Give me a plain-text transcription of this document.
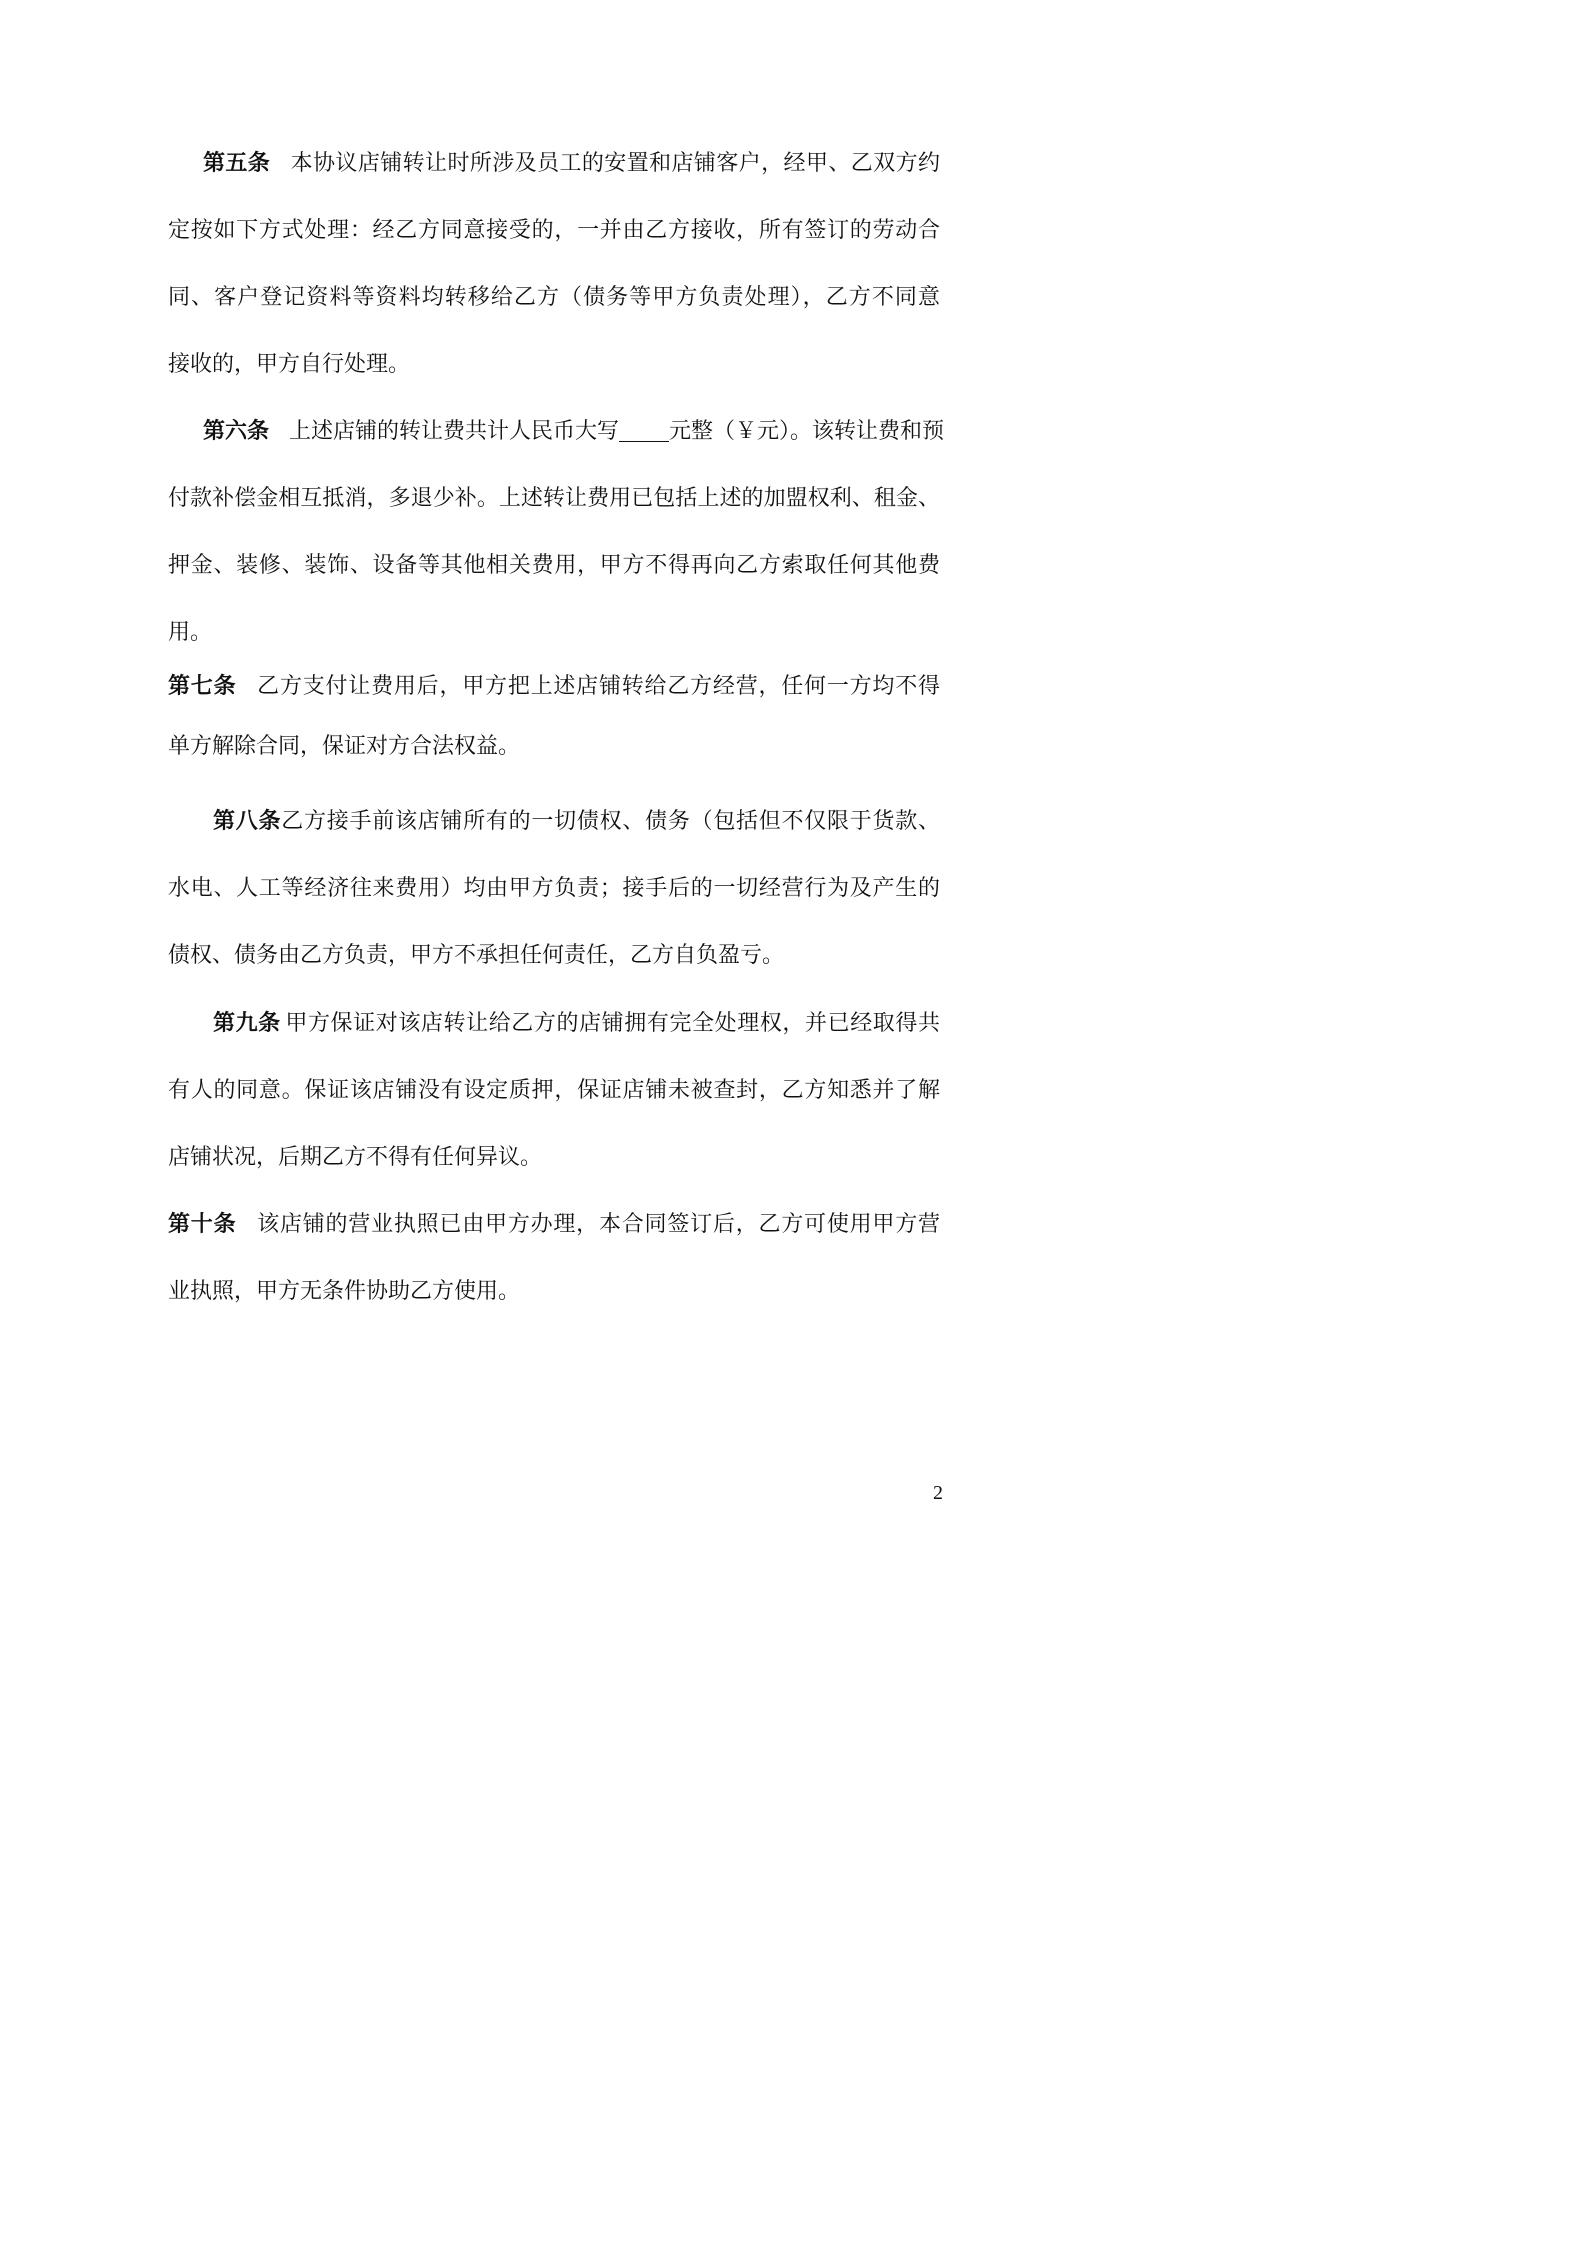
第五条 本协议店铺转让时所涉及员工的安置和店铺客户，经甲、乙双方约
定按如下方式处理：经乙方同意接受的，一并由乙方接收，所有签订的劳动合
同、客户登记资料等资料均转移给乙方（债务等甲方负责处理），乙方不同意
接收的，甲方自行处理。
第六条 上述店铺的转让费共计人民币大写 元整（￥元）。该转让费和预
付款补偿金相互抵消，多退少补。上述转让费用已包括上述的加盟权利、租金、
押金、装修、装饰、设备等其他相关费用，甲方不得再向乙方索取任何其他费
用。
第七条 乙方支付让费用后，甲方把上述店铺转给乙方经营，任何一方均不得
单方解除合同，保证对方合法权益。
第八条乙方接手前该店铺所有的一切债权、债务（包括但不仅限于货款、
水电、人工等经济往来费用）均由甲方负责；接手后的一切经营行为及产生的
债权、债务由乙方负责，甲方不承担任何责任，乙方自负盈亏。
第九条 甲方保证对该店转让给乙方的店铺拥有完全处理权，并已经取得共
有人的同意。保证该店铺没有设定质押，保证店铺未被查封，乙方知悉并了解
店铺状况，后期乙方不得有任何异议。
第十条 该店铺的营业执照已由甲方办理，本合同签订后，乙方可使用甲方营
业执照，甲方无条件协助乙方使用。
2
